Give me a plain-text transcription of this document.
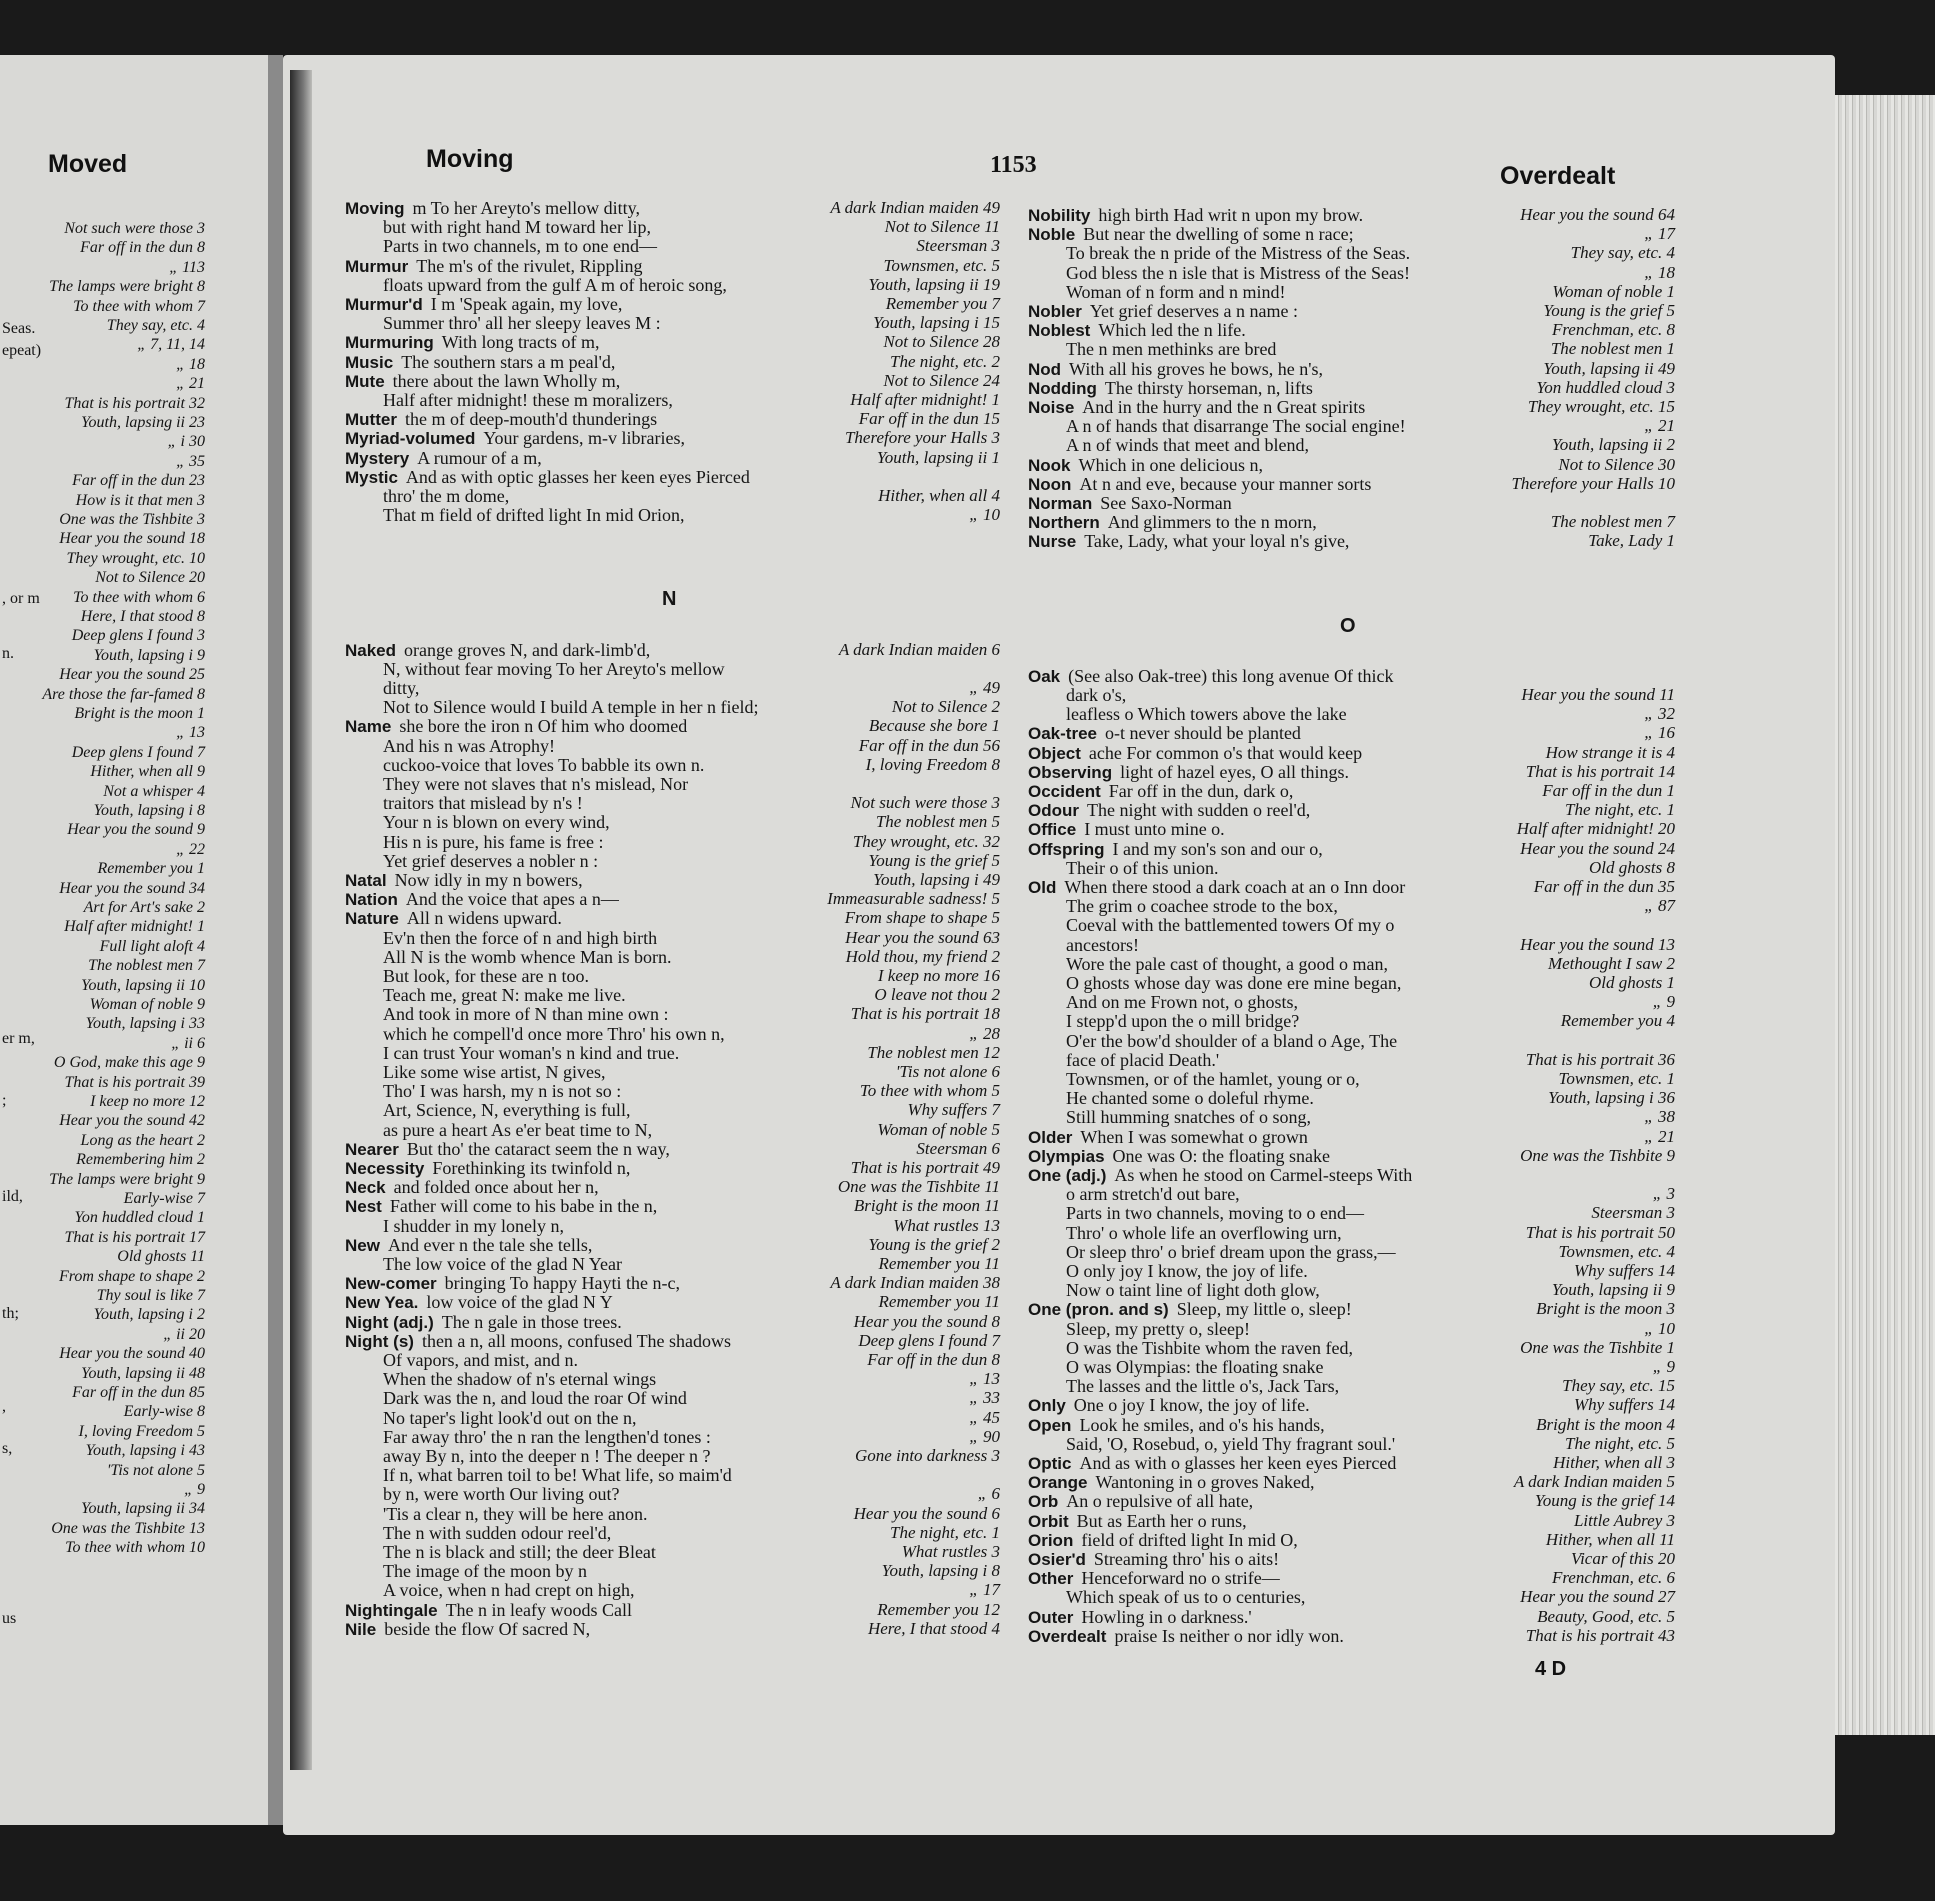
Moved
Not such were those 3
Far off in the dun 8
„ 113
The lamps were bright 8
To thee with whom 7
They say, etc. 4
„ 7, 11, 14
„ 18
„ 21
That is his portrait 32
Youth, lapsing ii 23
„ i 30
„ 35
Far off in the dun 23
How is it that men 3
One was the Tishbite 3
Hear you the sound 18
They wrought, etc. 10
Not to Silence 20
To thee with whom 6
Here, I that stood 8
Deep glens I found 3
Youth, lapsing i 9
Hear you the sound 25
Are those the far-famed 8
Bright is the moon 1
„ 13
Deep glens I found 7
Hither, when all 9
Not a whisper 4
Youth, lapsing i 8
Hear you the sound 9
„ 22
Remember you 1
Hear you the sound 34
Art for Art's sake 2
Half after midnight! 1
Full light aloft 4
The noblest men 7
Youth, lapsing ii 10
Woman of noble 9
Youth, lapsing i 33
„ ii 6
O God, make this age 9
That is his portrait 39
I keep no more 12
Hear you the sound 42
Long as the heart 2
Remembering him 2
The lamps were bright 9
Early-wise 7
Yon huddled cloud 1
That is his portrait 17
Old ghosts 11
From shape to shape 2
Thy soul is like 7
Youth, lapsing i 2
„ ii 20
Hear you the sound 40
Youth, lapsing ii 48
Far off in the dun 85
Early-wise 8
I, loving Freedom 5
Youth, lapsing i 43
'Tis not alone 5
„ 9
Youth, lapsing ii 34
One was the Tishbite 13
To thee with whom 10
Seas.
epeat)
, or m
n.
er m,
;
ild,
th;
,
s,
us
Moving	1153	Overdealt
N
O
Moving m To her Areyto's mellow ditty,	A dark Indian maiden 49
but with right hand M toward her lip,	Not to Silence 11
Parts in two channels, m to one end—	Steersman 3
Murmur The m's of the rivulet, Rippling	Townsmen, etc. 5
floats upward from the gulf A m of heroic song,	Youth, lapsing ii 19
Murmur'd I m 'Speak again, my love,	Remember you 7
Summer thro' all her sleepy leaves M :	Youth, lapsing i 15
Murmuring With long tracts of m,	Not to Silence 28
Music The southern stars a m peal'd,	The night, etc. 2
Mute there about the lawn Wholly m,	Not to Silence 24
Half after midnight! these m moralizers,	Half after midnight! 1
Mutter the m of deep-mouth'd thunderings	Far off in the dun 15
Myriad-volumed Your gardens, m-v libraries,	Therefore your Halls 3
Mystery A rumour of a m,	Youth, lapsing ii 1
Mystic And as with optic glasses her keen eyes Pierced
thro' the m dome,	Hither, when all 4
That m field of drifted light In mid Orion,	„ 10
Naked orange groves N, and dark-limb'd,	A dark Indian maiden 6
N, without fear moving To her Areyto's mellow
ditty,	„ 49
Not to Silence would I build A temple in her n field;	Not to Silence 2
Name she bore the iron n Of him who doomed	Because she bore 1
And his n was Atrophy!	Far off in the dun 56
cuckoo-voice that loves To babble its own n.	I, loving Freedom 8
They were not slaves that n's mislead, Nor
traitors that mislead by n's !	Not such were those 3
Your n is blown on every wind,	The noblest men 5
His n is pure, his fame is free :	They wrought, etc. 32
Yet grief deserves a nobler n :	Young is the grief 5
Natal Now idly in my n bowers,	Youth, lapsing i 49
Nation And the voice that apes a n—	Immeasurable sadness! 5
Nature All n widens upward.	From shape to shape 5
Ev'n then the force of n and high birth	Hear you the sound 63
All N is the womb whence Man is born.	Hold thou, my friend 2
But look, for these are n too.	I keep no more 16
Teach me, great N: make me live.	O leave not thou 2
And took in more of N than mine own :	That is his portrait 18
which he compell'd once more Thro' his own n,	„ 28
I can trust Your woman's n kind and true.	The noblest men 12
Like some wise artist, N gives,	'Tis not alone 6
Tho' I was harsh, my n is not so :	To thee with whom 5
Art, Science, N, everything is full,	Why suffers 7
as pure a heart As e'er beat time to N,	Woman of noble 5
Nearer But tho' the cataract seem the n way,	Steersman 6
Necessity Forethinking its twinfold n,	That is his portrait 49
Neck and folded once about her n,	One was the Tishbite 11
Nest Father will come to his babe in the n,	Bright is the moon 11
I shudder in my lonely n,	What rustles 13
New And ever n the tale she tells,	Young is the grief 2
The low voice of the glad N Year	Remember you 11
New-comer bringing To happy Hayti the n-c,	A dark Indian maiden 38
New Yea. low voice of the glad N Y	Remember you 11
Night (adj.) The n gale in those trees.	Hear you the sound 8
Night (s) then a n, all moons, confused The shadows	Deep glens I found 7
Of vapors, and mist, and n.	Far off in the dun 8
When the shadow of n's eternal wings	„ 13
Dark was the n, and loud the roar Of wind	„ 33
No taper's light look'd out on the n,	„ 45
Far away thro' the n ran the lengthen'd tones :	„ 90
away By n, into the deeper n ! The deeper n ?	Gone into darkness 3
If n, what barren toil to be! What life, so maim'd
by n, were worth Our living out?	„ 6
'Tis a clear n, they will be here anon.	Hear you the sound 6
The n with sudden odour reel'd,	The night, etc. 1
The n is black and still; the deer Bleat	What rustles 3
The image of the moon by n	Youth, lapsing i 8
A voice, when n had crept on high,	„ 17
Nightingale The n in leafy woods Call	Remember you 12
Nile beside the flow Of sacred N,	Here, I that stood 4
Nobility high birth Had writ n upon my brow.	Hear you the sound 64
Noble But near the dwelling of some n race;	„ 17
To break the n pride of the Mistress of the Seas.	They say, etc. 4
God bless the n isle that is Mistress of the Seas!	„ 18
Woman of n form and n mind!	Woman of noble 1
Nobler Yet grief deserves a n name :	Young is the grief 5
Noblest Which led the n life.	Frenchman, etc. 8
The n men methinks are bred	The noblest men 1
Nod With all his groves he bows, he n's,	Youth, lapsing ii 49
Nodding The thirsty horseman, n, lifts	Yon huddled cloud 3
Noise And in the hurry and the n Great spirits	They wrought, etc. 15
A n of hands that disarrange The social engine!	„ 21
A n of winds that meet and blend,	Youth, lapsing ii 2
Nook Which in one delicious n,	Not to Silence 30
Noon At n and eve, because your manner sorts	Therefore your Halls 10
Norman See Saxo-Norman
Northern And glimmers to the n morn,	The noblest men 7
Nurse Take, Lady, what your loyal n's give,	Take, Lady 1
Oak (See also Oak-tree) this long avenue Of thick
dark o's,	Hear you the sound 11
leafless o Which towers above the lake	„ 32
Oak-tree o-t never should be planted	„ 16
Object ache For common o's that would keep	How strange it is 4
Observing light of hazel eyes, O all things.	That is his portrait 14
Occident Far off in the dun, dark o,	Far off in the dun 1
Odour The night with sudden o reel'd,	The night, etc. 1
Office I must unto mine o.	Half after midnight! 20
Offspring I and my son's son and our o,	Hear you the sound 24
Their o of this union.	Old ghosts 8
Old When there stood a dark coach at an o Inn door	Far off in the dun 35
The grim o coachee strode to the box,	„ 87
Coeval with the battlemented towers Of my o
ancestors!	Hear you the sound 13
Wore the pale cast of thought, a good o man,	Methought I saw 2
O ghosts whose day was done ere mine began,	Old ghosts 1
And on me Frown not, o ghosts,	„ 9
I stepp'd upon the o mill bridge?	Remember you 4
O'er the bow'd shoulder of a bland o Age, The
face of placid Death.'	That is his portrait 36
Townsmen, or of the hamlet, young or o,	Townsmen, etc. 1
He chanted some o doleful rhyme.	Youth, lapsing i 36
Still humming snatches of o song,	„ 38
Older When I was somewhat o grown	„ 21
Olympias One was O: the floating snake	One was the Tishbite 9
One (adj.) As when he stood on Carmel-steeps With
o arm stretch'd out bare,	„ 3
Parts in two channels, moving to o end—	Steersman 3
Thro' o whole life an overflowing urn,	That is his portrait 50
Or sleep thro' o brief dream upon the grass,—	Townsmen, etc. 4
O only joy I know, the joy of life.	Why suffers 14
Now o taint line of light doth glow,	Youth, lapsing ii 9
One (pron. and s) Sleep, my little o, sleep!	Bright is the moon 3
Sleep, my pretty o, sleep!	„ 10
O was the Tishbite whom the raven fed,	One was the Tishbite 1
O was Olympias: the floating snake	„ 9
The lasses and the little o's, Jack Tars,	They say, etc. 15
Only One o joy I know, the joy of life.	Why suffers 14
Open Look he smiles, and o's his hands,	Bright is the moon 4
Said, 'O, Rosebud, o, yield Thy fragrant soul.'	The night, etc. 5
Optic And as with o glasses her keen eyes Pierced	Hither, when all 3
Orange Wantoning in o groves Naked,	A dark Indian maiden 5
Orb An o repulsive of all hate,	Young is the grief 14
Orbit But as Earth her o runs,	Little Aubrey 3
Orion field of drifted light In mid O,	Hither, when all 11
Osier'd Streaming thro' his o aits!	Vicar of this 20
Other Henceforward no o strife—	Frenchman, etc. 6
Which speak of us to o centuries,	Hear you the sound 27
Outer Howling in o darkness.'	Beauty, Good, etc. 5
Overdealt praise Is neither o nor idly won.	That is his portrait 43
4 D
